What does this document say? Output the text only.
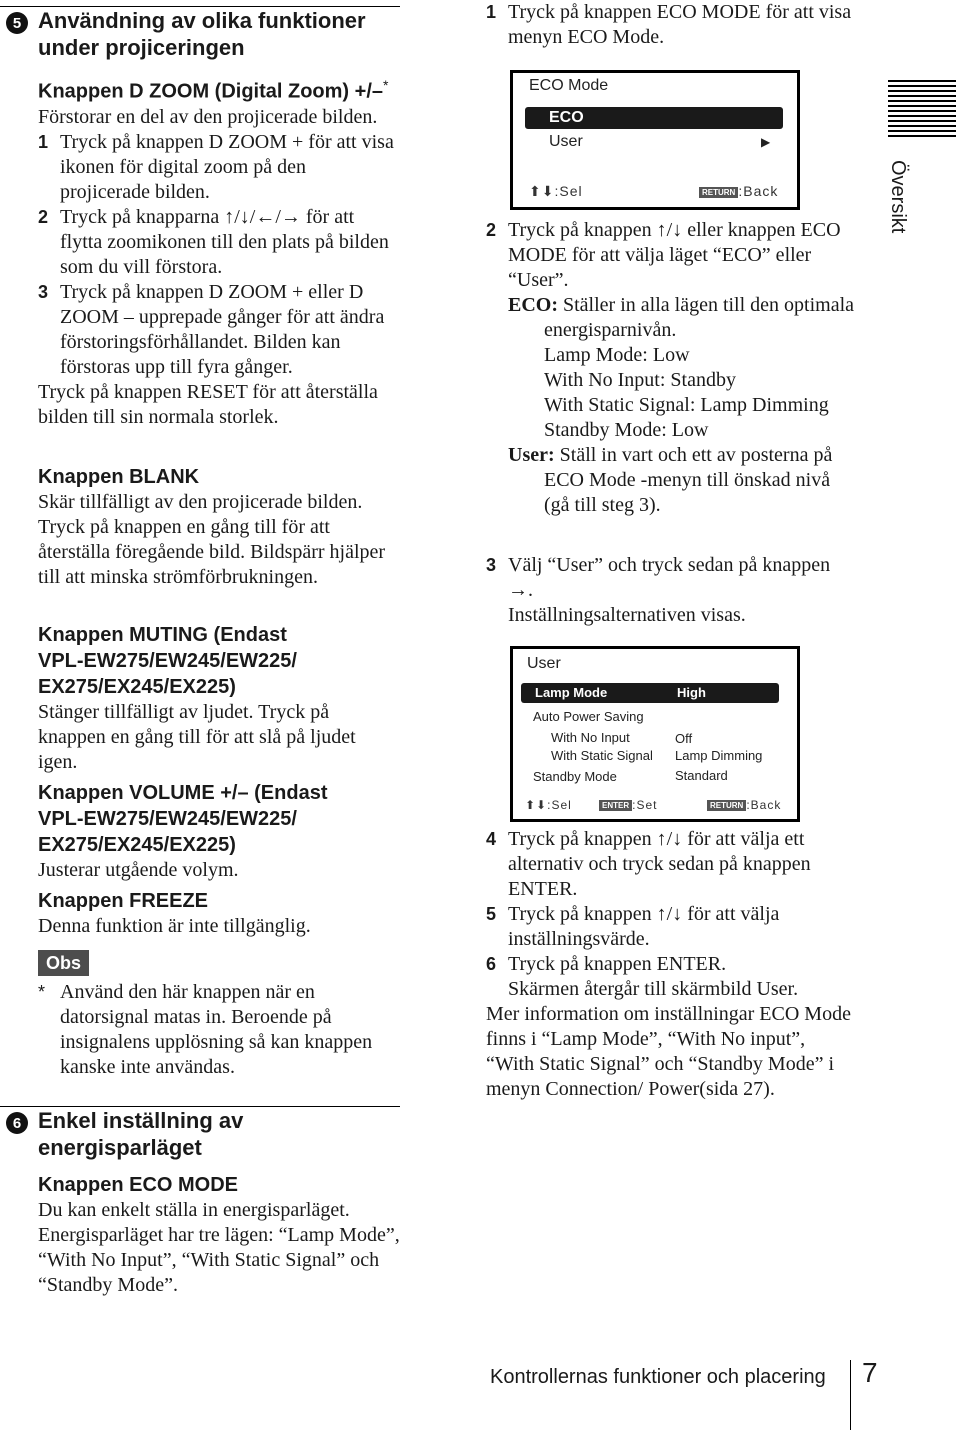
5 Användning av olika funktioner
under projiceringen

Knappen D ZOOM (Digital Zoom) +/–*

Förstorar en del av den projicerade bilden.

1 Tryck på knappen D ZOOM + för att visa ikonen för digital zoom på den projicerade bilden.
2 Tryck på knapparna ↑/↓/←/→ för att flytta zoomikonen till den plats på bilden som du vill förstora.
3 Tryck på knappen D ZOOM + eller D ZOOM – upprepade gånger för att ändra förstoringsförhållandet. Bilden kan förstoras upp till fyra gånger.

Tryck på knappen RESET för att återställa bilden till sin normala storlek.

Knappen BLANK

Skär tillfälligt av den projicerade bilden. Tryck på knappen en gång till för att återställa föregående bild. Bildspärr hjälper till att minska strömförbrukningen.

Knappen MUTING (Endast
VPL-EW275/EW245/EW225/
EX275/EX245/EX225)

Stänger tillfälligt av ljudet. Tryck på knappen en gång till för att slå på ljudet igen.

Knappen VOLUME +/– (Endast
VPL-EW275/EW245/EW225/
EX275/EX245/EX225)

Justerar utgående volym.

Knappen FREEZE

Denna funktion är inte tillgänglig.

Obs
* Använd den här knappen när en datorsignal matas in. Beroende på insignalens upplösning så kan knappen kanske inte användas.
6 Enkel inställning av
energisparläget

Knappen ECO MODE

Du kan enkelt ställa in energisparläget. Energisparläget har tre lägen: “Lamp Mode”, “With No Input”, “With Static Signal” och “Standby Mode”.

1 Tryck på knappen ECO MODE för att visa menyn ECO Mode.
ECO Mode
ECO
User	▶
⬆⬇:Sel	RETURN :Back
2 Tryck på knappen ↑/↓ eller knappen ECO MODE för att välja läget “ECO” eller “User”.
ECO: Ställer in alla lägen till den optimala energisparnivån.
Lamp Mode: Low
With No Input: Standby
With Static Signal: Lamp Dimming
Standby Mode: Low
User: Ställ in vart och ett av posterna på ECO Mode -menyn till önskad nivå (gå till steg 3).
3 Välj “User” och tryck sedan på knappen →.
Inställningsalternativen visas.
User
Lamp Mode	High
Auto Power Saving
With No Input	Off
With Static Signal Lamp Dimming
Standby Mode	Standard
⬆⬇:Sel	ENTER :Set	RETURN :Back
4 Tryck på knappen ↑/↓ för att välja ett alternativ och tryck sedan på knappen ENTER.
5 Tryck på knappen ↑/↓ för att välja inställningsvärde.
6 Tryck på knappen ENTER.
Skärmen återgår till skärmbild User.

Mer information om inställningar ECO Mode finns i “Lamp Mode”, “With No input”, “With Static Signal” och “Standby Mode” i menyn Connection/ Power(sida 27).

Översikt
Kontrollernas funktioner och placering 7
